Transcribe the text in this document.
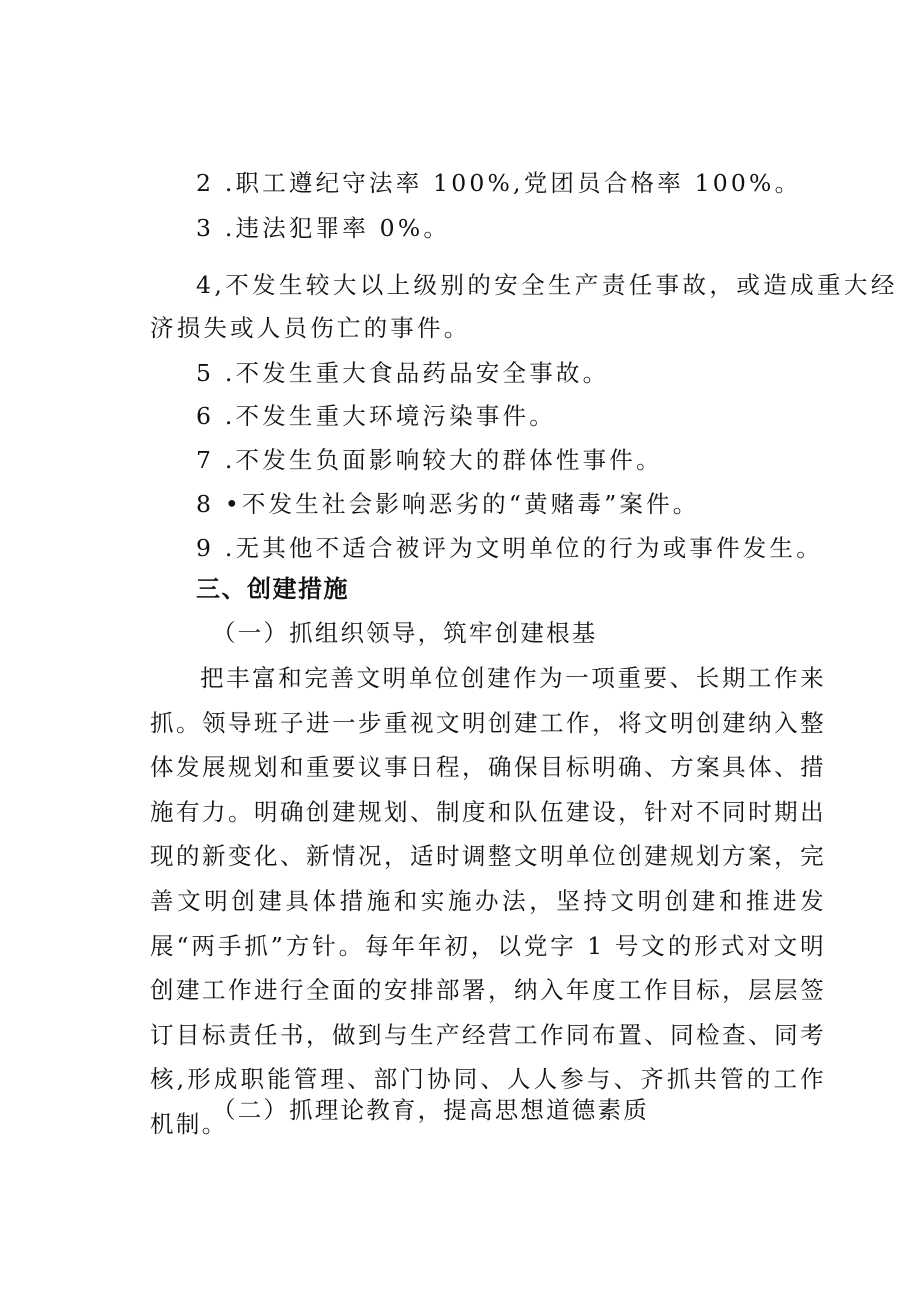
2 .职工遵纪守法率 100%,党团员合格率 100%。
3 .违法犯罪率 0%。
4,不发生较大以上级别的安全生产责任事故，或造成重大经
济损失或人员伤亡的事件。
5 .不发生重大食品药品安全事故。
6 .不发生重大环境污染事件。
7 .不发生负面影响较大的群体性事件。
8 •不发生社会影响恶劣的“黄赌毒”案件。
9 .无其他不适合被评为文明单位的行为或事件发生。
三、创建措施
（一）抓组织领导，筑牢创建根基
把丰富和完善文明单位创建作为一项重要、长期工作来抓。领导班子进一步重视文明创建工作，将文明创建纳入整体发展规划和重要议事日程，确保目标明确、方案具体、措施有力。明确创建规划、制度和队伍建设，针对不同时期出现的新变化、新情况，适时调整文明单位创建规划方案，完善文明创建具体措施和实施办法，坚持文明创建和推进发展“两手抓”方针。每年年初，以党字 1 号文的形式对文明创建工作进行全面的安排部署，纳入年度工作目标，层层签订目标责任书，做到与生产经营工作同布置、同检查、同考核,形成职能管理、部门协同、人人参与、齐抓共管的工作机制。
（二）抓理论教育，提高思想道德素质
